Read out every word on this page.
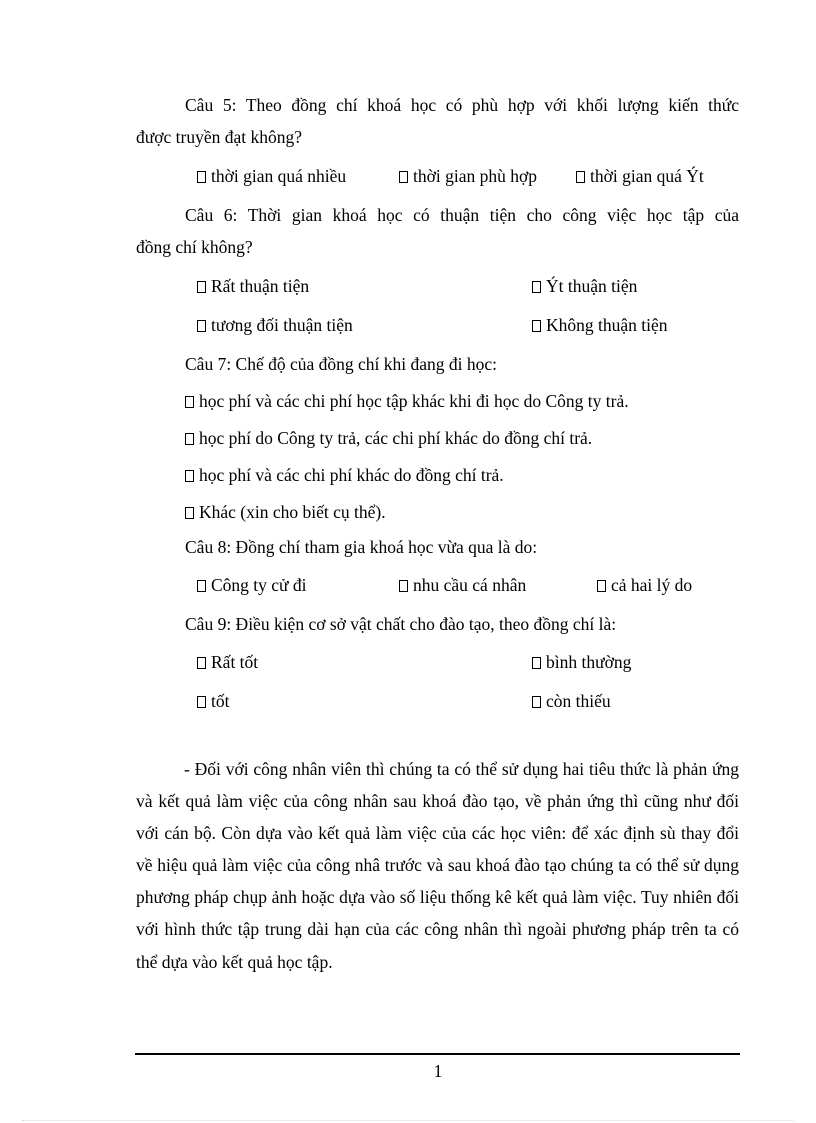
Câu 5: Theo đồng chí khoá học có phù hợp với khối lượng kiến thức
được truyền đạt không?
thời gian quá nhiều	thời gian phù hợp	thời gian quá Ýt
Câu 6: Thời gian khoá học có thuận tiện cho công việc học tập của
đồng chí không?
Rất thuận tiện	Ýt thuận tiện
tương đối thuận tiện	Không thuận tiện
Câu 7: Chế độ của đồng chí khi đang đi học:
học phí và các chi phí học tập khác khi đi học do Công ty trả.
học phí do Công ty trả, các chi phí khác do đồng chí trả.
học phí và các chi phí khác do đồng chí trả.
Khác (xin cho biết cụ thể).
Câu 8: Đồng chí tham gia khoá học vừa qua là do:
Công ty cử đi	nhu cầu cá nhân	cả hai lý do
Câu 9: Điều kiện cơ sở vật chất cho đào tạo, theo đồng chí là:
Rất tốt	bình thường
tốt	còn thiếu
- Đối với công nhân viên thì chúng ta có thể sử dụng hai tiêu thức là phản ứng và kết quả làm việc của công nhân sau khoá đào tạo, về phản ứng thì cũng như đối với cán bộ. Còn dựa vào kết quả làm việc của các học viên: để xác định sù thay đổi về hiệu quả làm việc của công nhâ trước và sau khoá đào tạo chúng ta có thể sử dụng phương pháp chụp ảnh hoặc dựa vào số liệu thống kê kết quả làm việc. Tuy nhiên đối với hình thức tập trung dài hạn của các công nhân thì ngoài phương pháp trên ta có thể dựa vào kết quả học tập.
1
